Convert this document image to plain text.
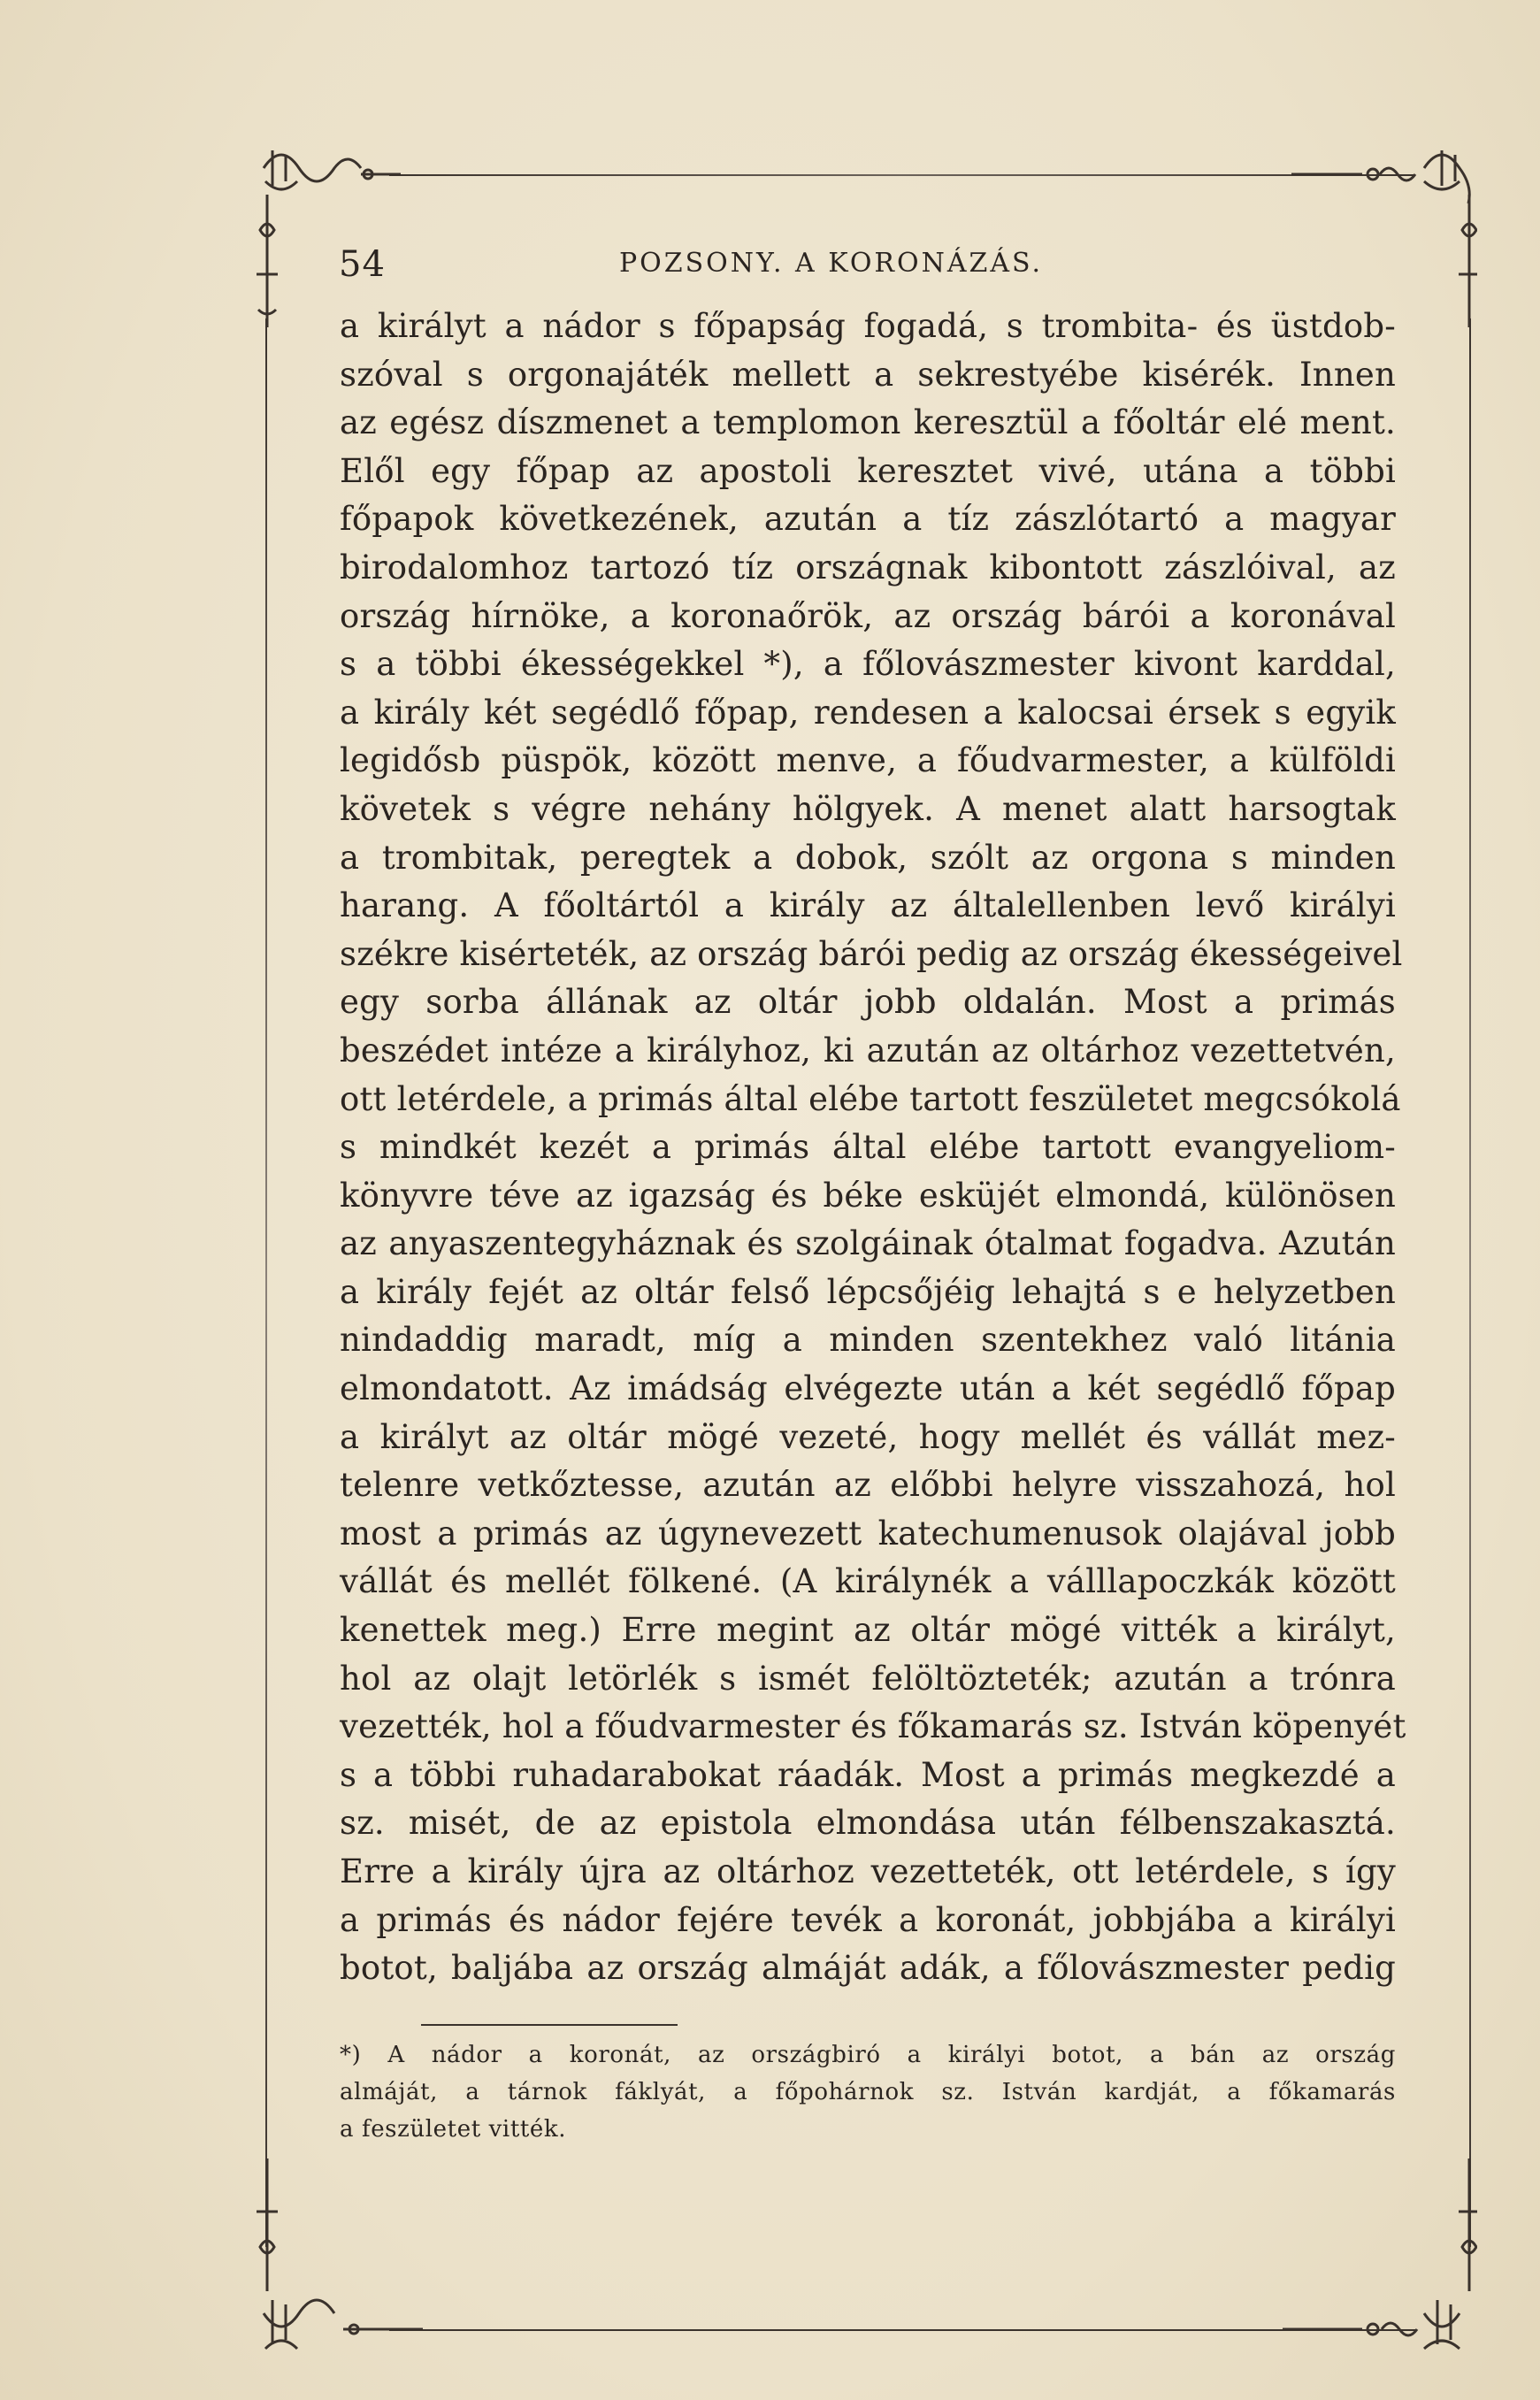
54	POZSONY. A KORONÁZÁS.
a királyt a nádor s főpapság fogadá, s trombita- és üstdob-
szóval s orgonajáték mellett a sekrestyébe kisérék. Innen
az egész díszmenet a templomon keresztül a főoltár elé ment.
Elől egy főpap az apostoli keresztet vivé, utána a többi
főpapok következének, azután a tíz zászlótartó a magyar
birodalomhoz tartozó tíz országnak kibontott zászlóival, az
ország hírnöke, a koronaőrök, az ország bárói a koronával
s a többi ékességekkel *), a főlovászmester kivont karddal,
a király két segédlő főpap, rendesen a kalocsai érsek s egyik
legidősb püspök, között menve, a főudvarmester, a külföldi
követek s végre nehány hölgyek. A menet alatt harsogtak
a trombitak, peregtek a dobok, szólt az orgona s minden
harang. A főoltártól a király az általellenben levő királyi
székre kisérteték, az ország bárói pedig az ország ékességeivel
egy sorba állának az oltár jobb oldalán. Most a primás
beszédet intéze a királyhoz, ki azután az oltárhoz vezettetvén,
ott letérdele, a primás által elébe tartott feszületet megcsókolá
s mindkét kezét a primás által elébe tartott evangyeliom-
könyvre téve az igazság és béke esküjét elmondá, különösen
az anyaszentegyháznak és szolgáinak ótalmat fogadva. Azután
a király fejét az oltár felső lépcsőjéig lehajtá s e helyzetben
nindaddig maradt, míg a minden szentekhez való litánia
elmondatott. Az imádság elvégezte után a két segédlő főpap
a királyt az oltár mögé vezeté, hogy mellét és vállát mez-
telenre vetkőztesse, azután az előbbi helyre visszahozá, hol
most a primás az úgynevezett katechumenusok olajával jobb
vállát és mellét fölkené. (A királynék a válllapoczkák között
kenettek meg.) Erre megint az oltár mögé vitték a királyt,
hol az olajt letörlék s ismét felöltözteték; azután a trónra
vezették, hol a főudvarmester és főkamarás sz. István köpenyét
s a többi ruhadarabokat ráadák. Most a primás megkezdé a
sz. misét, de az epistola elmondása után félbenszakasztá.
Erre a király újra az oltárhoz vezetteték, ott letérdele, s így
a primás és nádor fejére tevék a koronát, jobbjába a királyi
botot, baljába az ország almáját adák, a főlovászmester pedig
*) A nádor a koronát, az országbiró a királyi botot, a bán az ország
almáját, a tárnok fáklyát, a főpohárnok sz. István kardját, a főkamarás
a feszületet vitték.
